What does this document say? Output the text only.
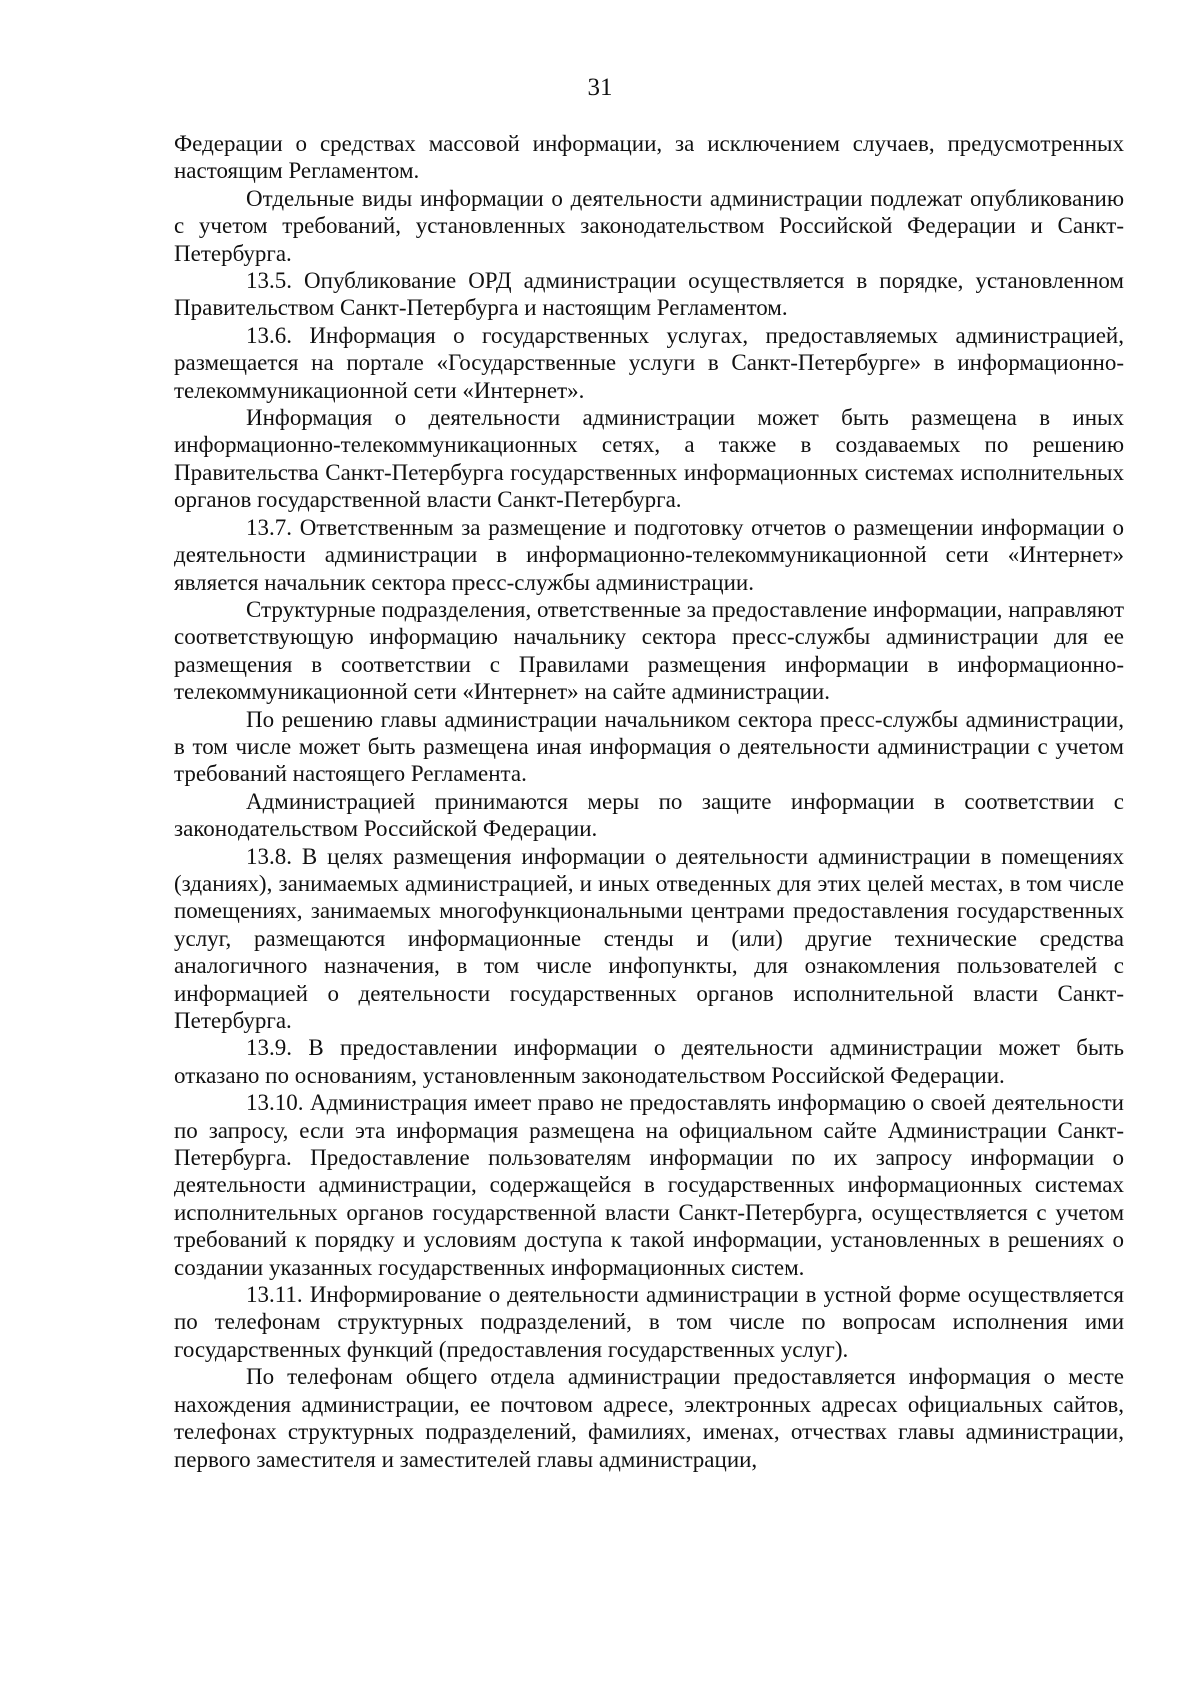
31

Федерации о средствах массовой информации, за исключением случаев, предусмотренных настоящим Регламентом.

Отдельные виды информации о деятельности администрации подлежат опубликованию с учетом требований, установленных законодательством Российской Федерации и Санкт-Петербурга.

13.5. Опубликование ОРД администрации осуществляется в порядке, установленном Правительством Санкт-Петербурга и настоящим Регламентом.

13.6. Информация о государственных услугах, предоставляемых администрацией, размещается на портале «Государственные услуги в Санкт-Петербурге» в информационно-телекоммуникационной сети «Интернет».

Информация о деятельности администрации может быть размещена в иных информационно-телекоммуникационных сетях, а также в создаваемых по решению Правительства Санкт-Петербурга государственных информационных системах исполнительных органов государственной власти Санкт-Петербурга.

13.7. Ответственным за размещение и подготовку отчетов о размещении информации о деятельности администрации в информационно-телекоммуникационной сети «Интернет» является начальник сектора пресс-службы администрации.

Структурные подразделения, ответственные за предоставление информации, направляют соответствующую информацию начальнику сектора пресс-службы администрации для ее размещения в соответствии с Правилами размещения информации в информационно-телекоммуникационной сети «Интернет» на сайте администрации.

По решению главы администрации начальником сектора пресс-службы администрации, в том числе может быть размещена иная информация о деятельности администрации с учетом требований настоящего Регламента.

Администрацией принимаются меры по защите информации в соответствии с законодательством Российской Федерации.

13.8. В целях размещения информации о деятельности администрации в помещениях (зданиях), занимаемых администрацией, и иных отведенных для этих целей местах, в том числе помещениях, занимаемых многофункциональными центрами предоставления государственных услуг, размещаются информационные стенды и (или) другие технические средства аналогичного назначения, в том числе инфопункты, для ознакомления пользователей с информацией о деятельности государственных органов исполнительной власти Санкт-Петербурга.

13.9. В предоставлении информации о деятельности администрации может быть отказано по основаниям, установленным законодательством Российской Федерации.

13.10. Администрация имеет право не предоставлять информацию о своей деятельности по запросу, если эта информация размещена на официальном сайте Администрации Санкт-Петербурга. Предоставление пользователям информации по их запросу информации о деятельности администрации, содержащейся в государственных информационных системах исполнительных органов государственной власти Санкт-Петербурга, осуществляется с учетом требований к порядку и условиям доступа к такой информации, установленных в решениях о создании указанных государственных информационных систем.

13.11. Информирование о деятельности администрации в устной форме осуществляется по телефонам структурных подразделений, в том числе по вопросам исполнения ими государственных функций (предоставления государственных услуг).

По телефонам общего отдела администрации предоставляется информация о месте нахождения администрации, ее почтовом адресе, электронных адресах официальных сайтов, телефонах структурных подразделений, фамилиях, именах, отчествах главы администрации, первого заместителя и заместителей главы администрации,
